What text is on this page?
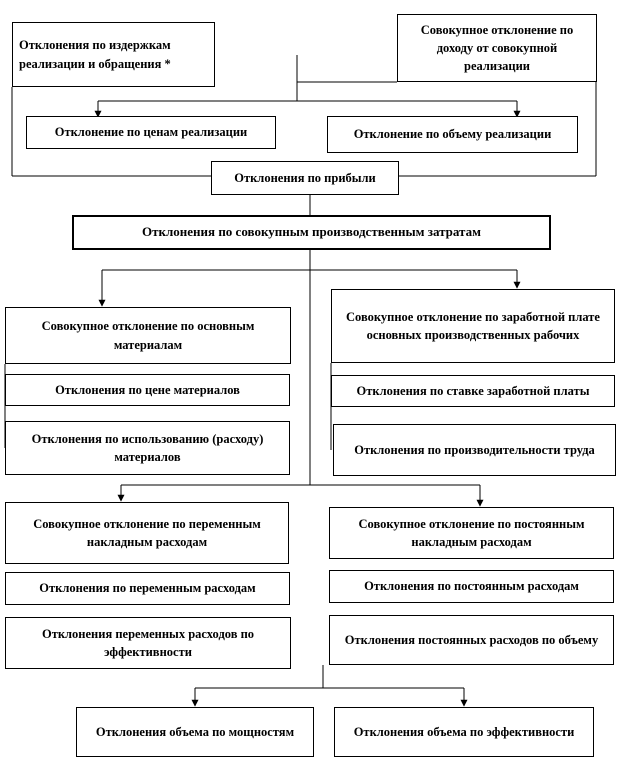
Отклонения по издержкам реализации и обращения *
Совокупное отклонение по доходу от совокупной реализации
Отклонение по ценам реализации	Отклонение по объему реализации
Отклонения по прибыли
Отклонения по совокупным производственным затратам
Совокупное отклонение по основным материалам
Отклонения по цене материалов
Отклонения по использованию (расходу) материалов
Совокупное отклонение по заработной плате основных производственных рабочих
Отклонения по ставке заработной платы
Отклонения по производительности труда
Совокупное отклонение по переменным накладным расходам
Отклонения по переменным расходам
Отклонения переменных расходов по эффективности
Совокупное отклонение по постоянным накладным расходам
Отклонения по постоянным расходам
Отклонения постоянных расходов по объему
Отклонения объема по мощностям	Отклонения объема по эффективности
